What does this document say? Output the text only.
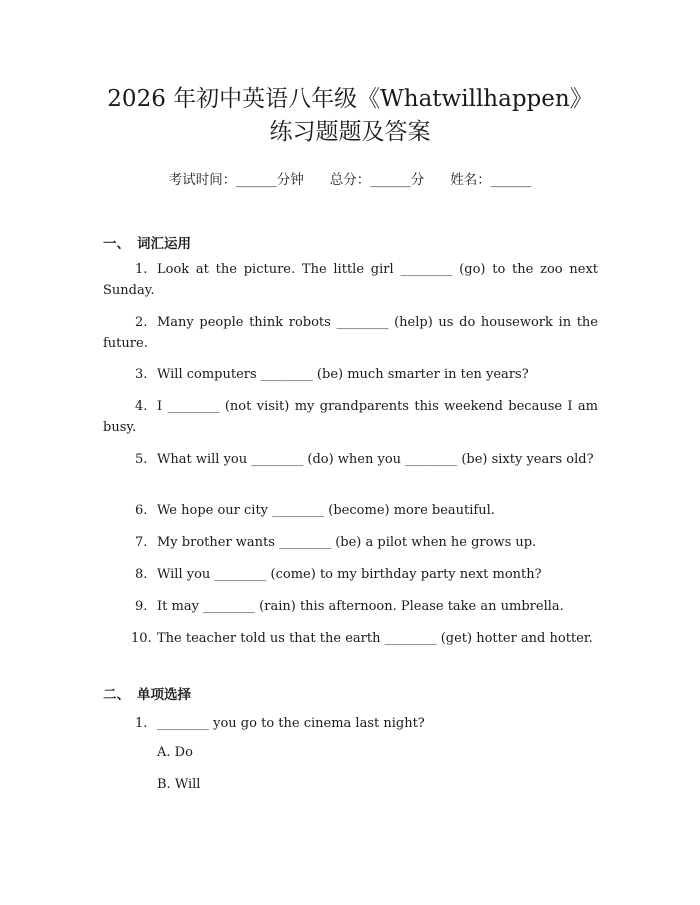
2026 年初中英语八年级《Whatwillhappen》
练习题题及答案
考试时间：______分钟 总分：______分 姓名：______
一、 词汇运用
1. Look at the picture. The little girl ________ (go) to the zoo next Sunday.
2. Many people think robots ________ (help) us do housework in the future.
3. Will computers ________ (be) much smarter in ten years?
4. I ________ (not visit) my grandparents this weekend because I am busy.
5. What will you ________ (do) when you ________ (be) sixty years old?
6. We hope our city ________ (become) more beautiful.
7. My brother wants ________ (be) a pilot when he grows up.
8. Will you ________ (come) to my birthday party next month?
9. It may ________ (rain) this afternoon. Please take an umbrella.
10. The teacher told us that the earth ________ (get) hotter and hotter.
二、 单项选择
1. ________ you go to the cinema last night?
A. Do
B. Will
